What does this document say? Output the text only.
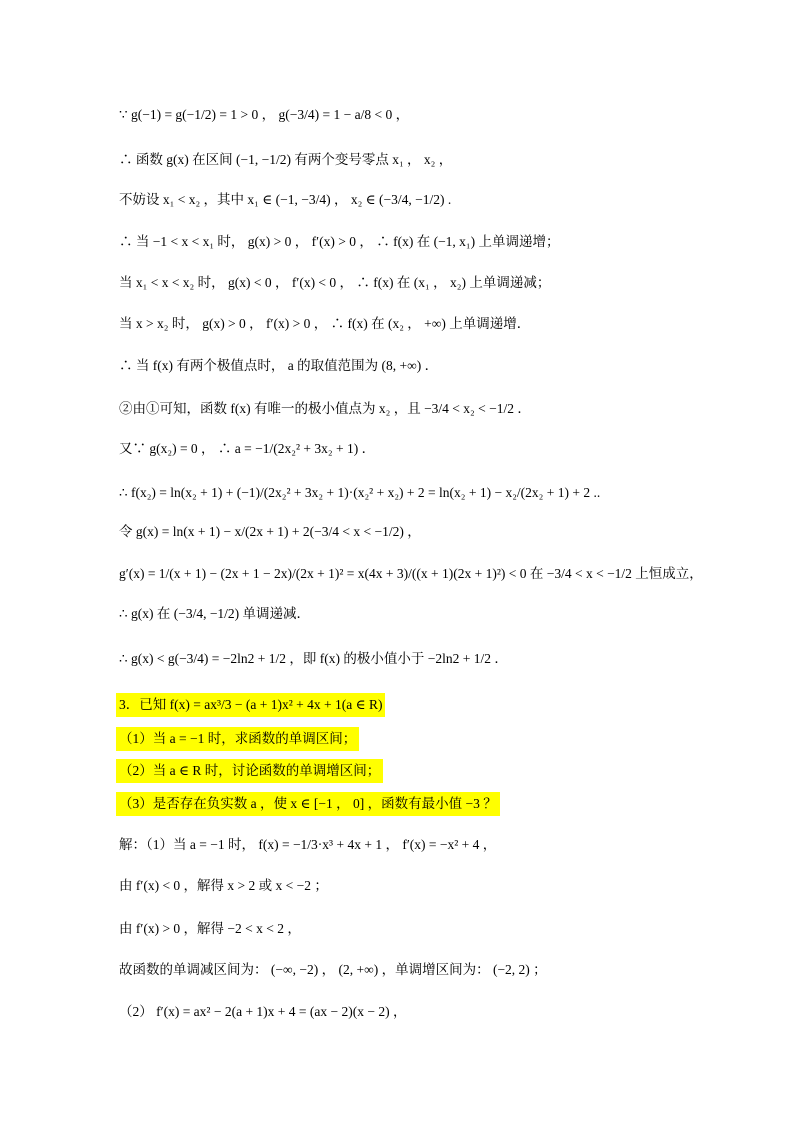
∵ g(−1) = g(−1/2) = 1 > 0 ， g(−3/4) = 1 − a/8 < 0 ，
∴ 函数 g(x) 在区间 (−1, −1/2) 有两个变号零点 x₁ ， x₂ ，
不妨设 x₁ < x₂ ，其中 x₁ ∈ (−1, −3/4) ， x₂ ∈ (−3/4, −1/2) .
∴ 当 −1 < x < x₁ 时， g(x) > 0 ， f′(x) > 0 ， ∴ f(x) 在 (−1, x₁) 上单调递增；
当 x₁ < x < x₂ 时， g(x) < 0 ， f′(x) < 0 ， ∴ f(x) 在 (x₁ ， x₂) 上单调递减；
当 x > x₂ 时， g(x) > 0 ， f′(x) > 0 ， ∴ f(x) 在 (x₂ ， +∞) 上单调递增．
∴ 当 f(x) 有两个极值点时， a 的取值范围为 (8, +∞) ．
②由①可知，函数 f(x) 有唯一的极小值点为 x₂ ，且 −3/4 < x₂ < −1/2 ．
又∵ g(x₂) = 0 ， ∴ a = −1/(2x₂² + 3x₂ + 1) ．
∴ f(x₂) = ln(x₂ + 1) + (−1)/(2x₂² + 3x₂ + 1)·(x₂² + x₂) + 2 = ln(x₂ + 1) − x₂/(2x₂ + 1) + 2 ..
令 g(x) = ln(x + 1) − x/(2x + 1) + 2(−3/4 < x < −1/2) ，
g′(x) = 1/(x + 1) − (2x + 1 − 2x)/(2x + 1)² = x(4x + 3)/((x + 1)(2x + 1)²) < 0 在 −3/4 < x < −1/2 上恒成立，
∴ g(x) 在 (−3/4, −1/2) 单调递减．
∴ g(x) < g(−3/4) = −2ln2 + 1/2 ，即 f(x) 的极小值小于 −2ln2 + 1/2 ．
3．已知 f(x) = ax³/3 − (a + 1)x² + 4x + 1(a ∈ R)
（1）当 a = −1 时，求函数的单调区间；
（2）当 a ∈ R 时，讨论函数的单调增区间；
（3）是否存在负实数 a ，使 x ∈ [−1 ， 0] ，函数有最小值 −3 ？
解：（1）当 a = −1 时， f(x) = −1/3·x³ + 4x + 1 ， f′(x) = −x² + 4 ，
由 f′(x) < 0 ，解得 x > 2 或 x < −2 ；
由 f′(x) > 0 ，解得 −2 < x < 2 ，
故函数的单调减区间为： (−∞, −2) ， (2, +∞) ，单调增区间为： (−2, 2) ；
（2） f′(x) = ax² − 2(a + 1)x + 4 = (ax − 2)(x − 2) ，
